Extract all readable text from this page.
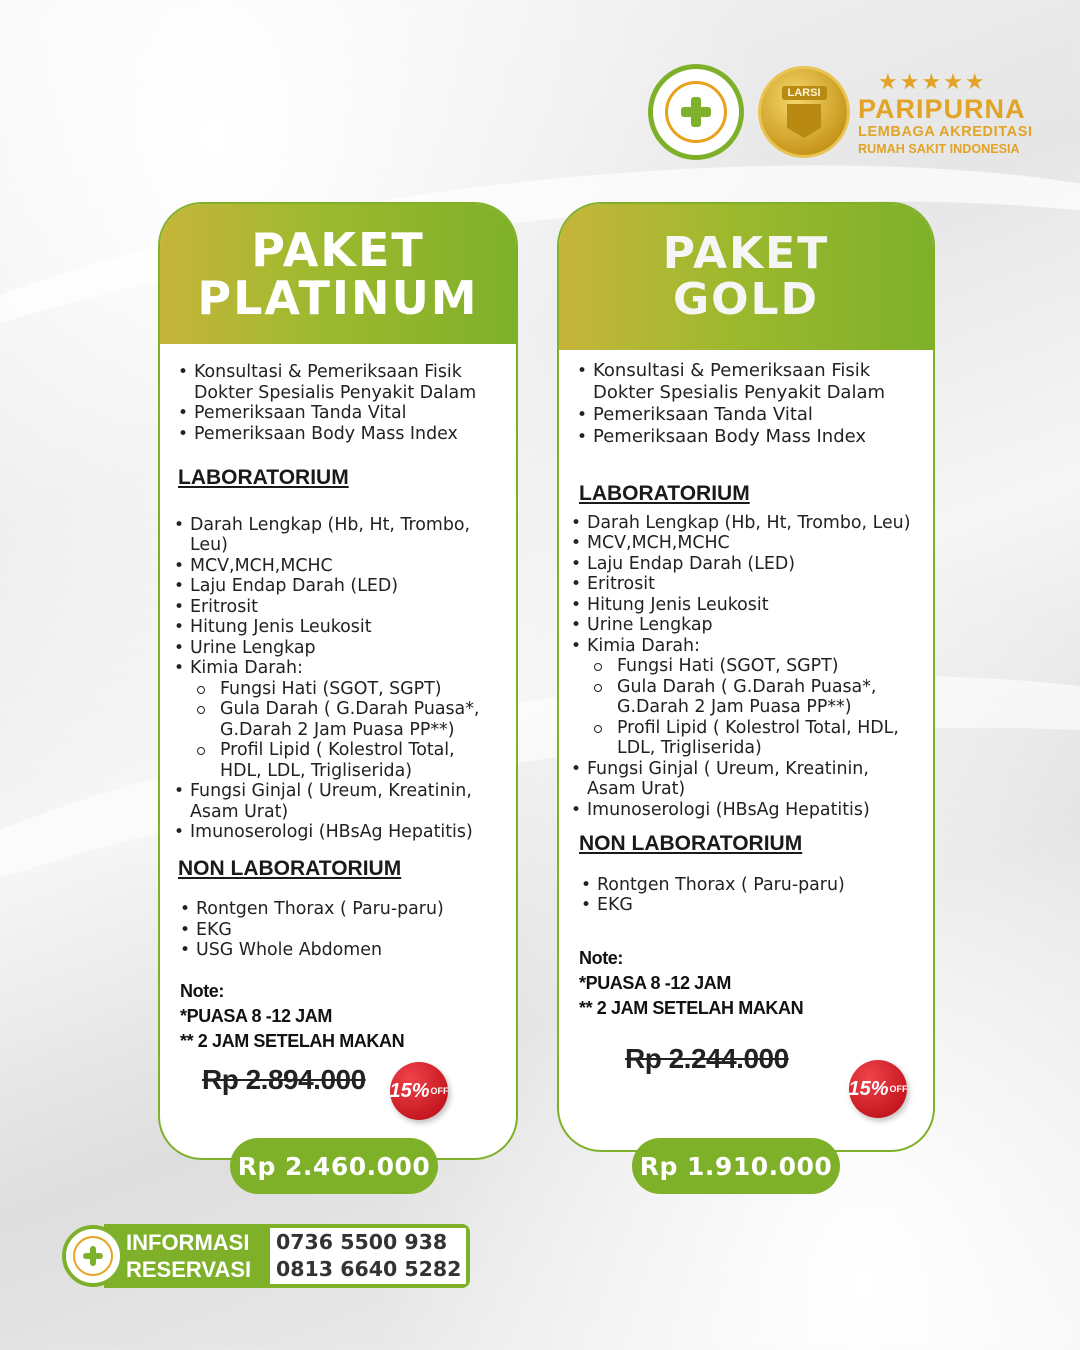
LARSI	★★★★★
PARIPURNA
LEMBAGA AKREDITASI
RUMAH SAKIT INDONESIA
PAKET
PLATINUM
• Konsultasi & Pemeriksaan Fisik Dokter Spesialis Penyakit Dalam
• Pemeriksaan Tanda Vital
• Pemeriksaan Body Mass Index
LABORATORIUM
• Darah Lengkap (Hb, Ht, Trombo, Leu)
• MCV,MCH,MCHC
• Laju Endap Darah (LED)
• Eritrosit
• Hitung Jenis Leukosit
• Urine Lengkap
• Kimia Darah:
Fungsi Hati (SGOT, SGPT)
Gula Darah ( G.Darah Puasa*, G.Darah 2 Jam Puasa PP**)
Profil Lipid ( Kolestrol Total, HDL, LDL, Trigliserida)
• Fungsi Ginjal ( Ureum, Kreatinin, Asam Urat)
• Imunoserologi (HBsAg Hepatitis)
NON LABORATORIUM
• Rontgen Thorax ( Paru-paru)
• EKG
• USG Whole Abdomen
Note:
*PUASA 8 -12 JAM
** 2 JAM SETELAH MAKAN
Rp 2.894.000	15% OFF
PAKET
GOLD
• Konsultasi & Pemeriksaan Fisik Dokter Spesialis Penyakit Dalam
• Pemeriksaan Tanda Vital
• Pemeriksaan Body Mass Index
LABORATORIUM
• Darah Lengkap (Hb, Ht, Trombo, Leu)
• MCV,MCH,MCHC
• Laju Endap Darah (LED)
• Eritrosit
• Hitung Jenis Leukosit
• Urine Lengkap
• Kimia Darah:
Fungsi Hati (SGOT, SGPT)
Gula Darah ( G.Darah Puasa*, G.Darah 2 Jam Puasa PP**)
Profil Lipid ( Kolestrol Total, HDL, LDL, Trigliserida)
• Fungsi Ginjal ( Ureum, Kreatinin, Asam Urat)
• Imunoserologi (HBsAg Hepatitis)
NON LABORATORIUM
• Rontgen Thorax ( Paru-paru)
• EKG
Note:
*PUASA 8 -12 JAM
** 2 JAM SETELAH MAKAN
Rp 2.244.000
15% OFF
Rp 2.460.000	Rp 1.910.000
INFORMASI
RESERVASI
0736 5500 938
0813 6640 5282
